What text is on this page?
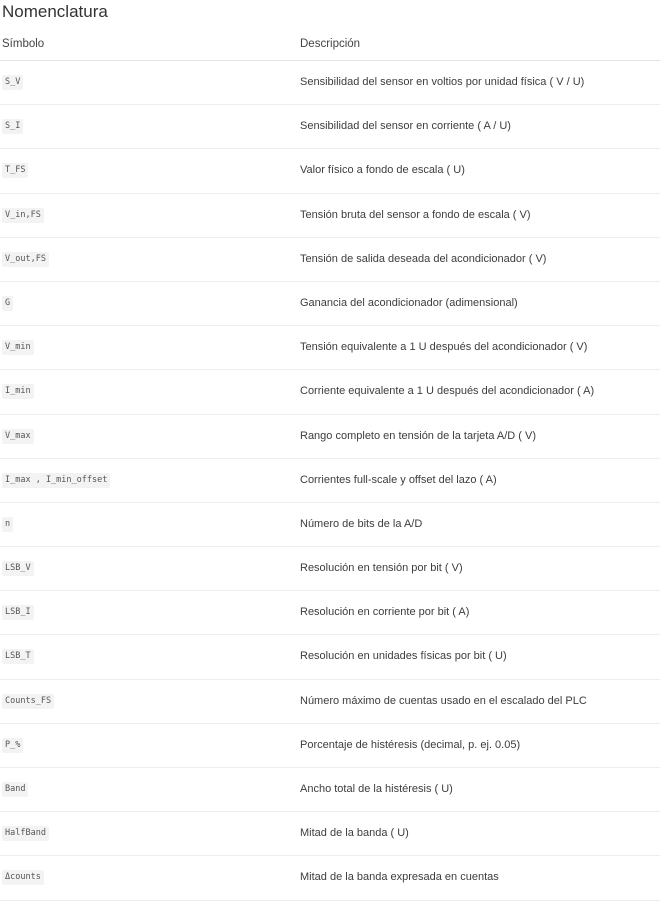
Nomenclatura
Símbolo	Descripción
S_V	Sensibilidad del sensor en voltios por unidad física ( V / U)
S_I	Sensibilidad del sensor en corriente ( A / U)
T_FS	Valor físico a fondo de escala ( U)
V_in,FS	Tensión bruta del sensor a fondo de escala ( V)
V_out,FS	Tensión de salida deseada del acondicionador ( V)
G	Ganancia del acondicionador (adimensional)
V_min	Tensión equivalente a 1 U después del acondicionador ( V)
I_min	Corriente equivalente a 1 U después del acondicionador ( A)
V_max	Rango completo en tensión de la tarjeta A/D ( V)
I_max , I_min_offset	Corrientes full-scale y offset del lazo ( A)
n	Número de bits de la A/D
LSB_V	Resolución en tensión por bit ( V)
LSB_I	Resolución en corriente por bit ( A)
LSB_T	Resolución en unidades físicas por bit ( U)
Counts_FS	Número máximo de cuentas usado en el escalado del PLC
P_%	Porcentaje de histéresis (decimal, p. ej. 0.05)
Band	Ancho total de la histéresis ( U)
HalfBand	Mitad de la banda ( U)
Δcounts	Mitad de la banda expresada en cuentas
